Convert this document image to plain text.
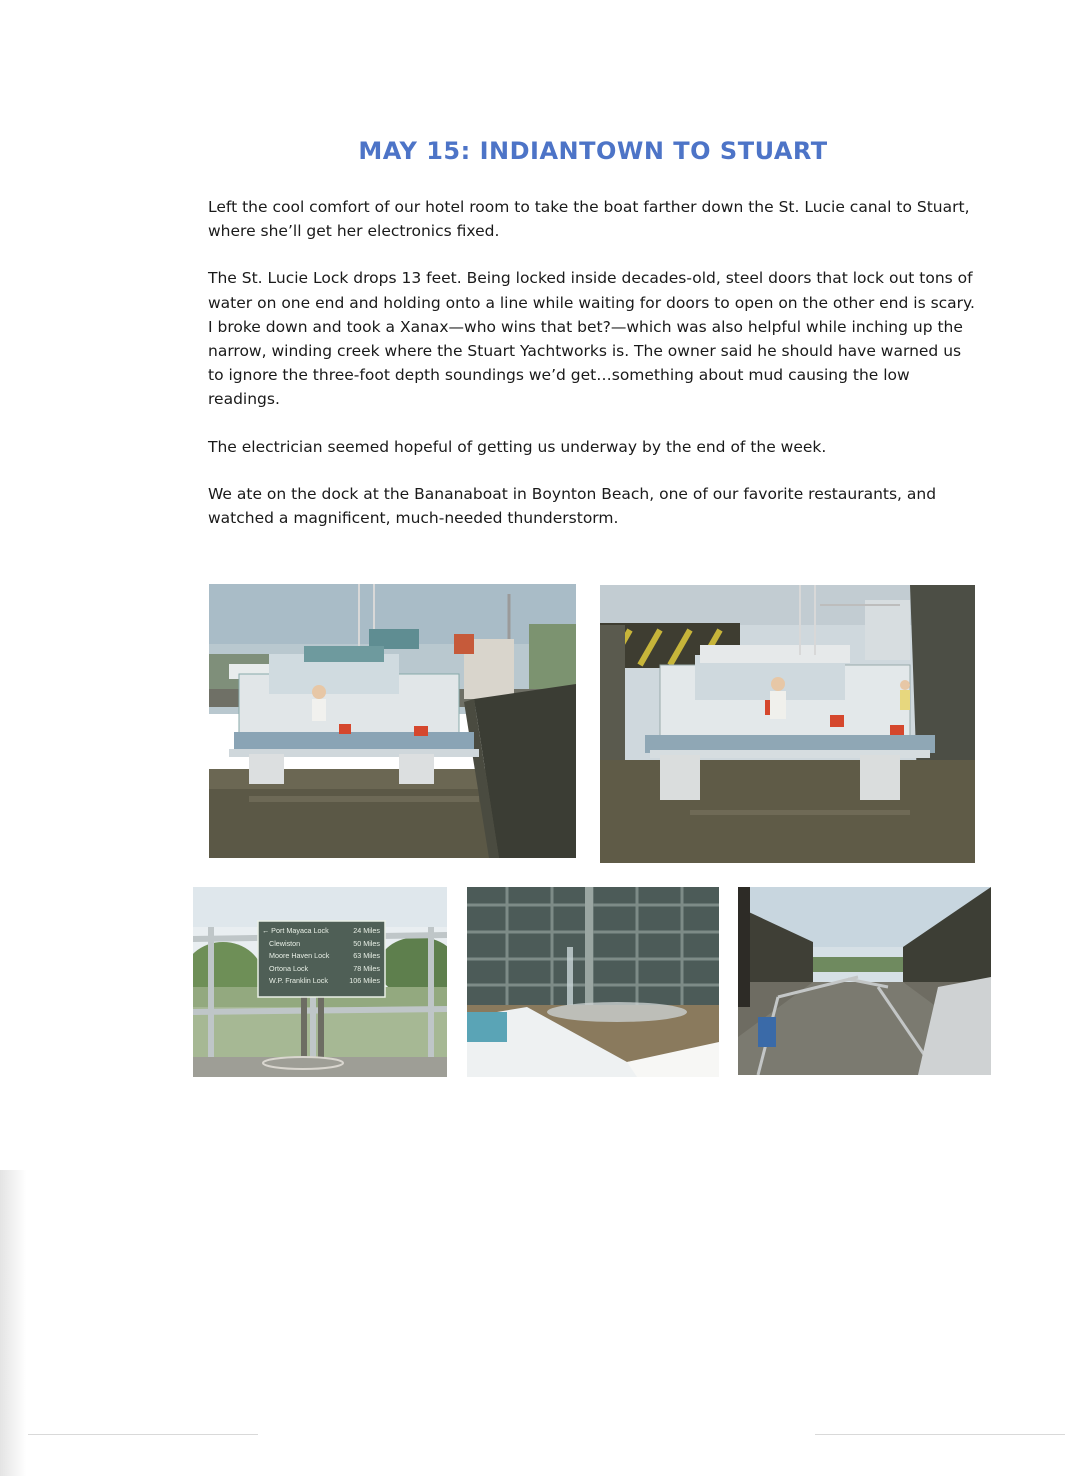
MAY 15: INDIANTOWN TO STUART

Left the cool comfort of our hotel room to take the boat farther down the St. Lucie canal to Stuart, where she’ll get her electronics fixed.

The St. Lucie Lock drops 13 feet. Being locked inside decades-old, steel doors that lock out tons of water on one end and holding onto a line while waiting for doors to open on the other end is scary. I broke down and took a Xanax—who wins that bet?—which was also helpful while inching up the narrow, winding creek where the Stuart Yachtworks is. The owner said he should have warned us to ignore the three-foot depth soundings we’d get…something about mud causing the low readings.

The electrician seemed hopeful of getting us underway by the end of the week.

We ate on the dock at the Bananaboat in Boynton Beach, one of our favorite restaurants, and watched a magnificent, much-needed thunderstorm.

← Port Mayaca Lock	24 Miles
Clewiston	50 Miles
Moore Haven Lock	63 Miles
Ortona Lock	78 Miles
W.P. Franklin Lock	106 Miles
